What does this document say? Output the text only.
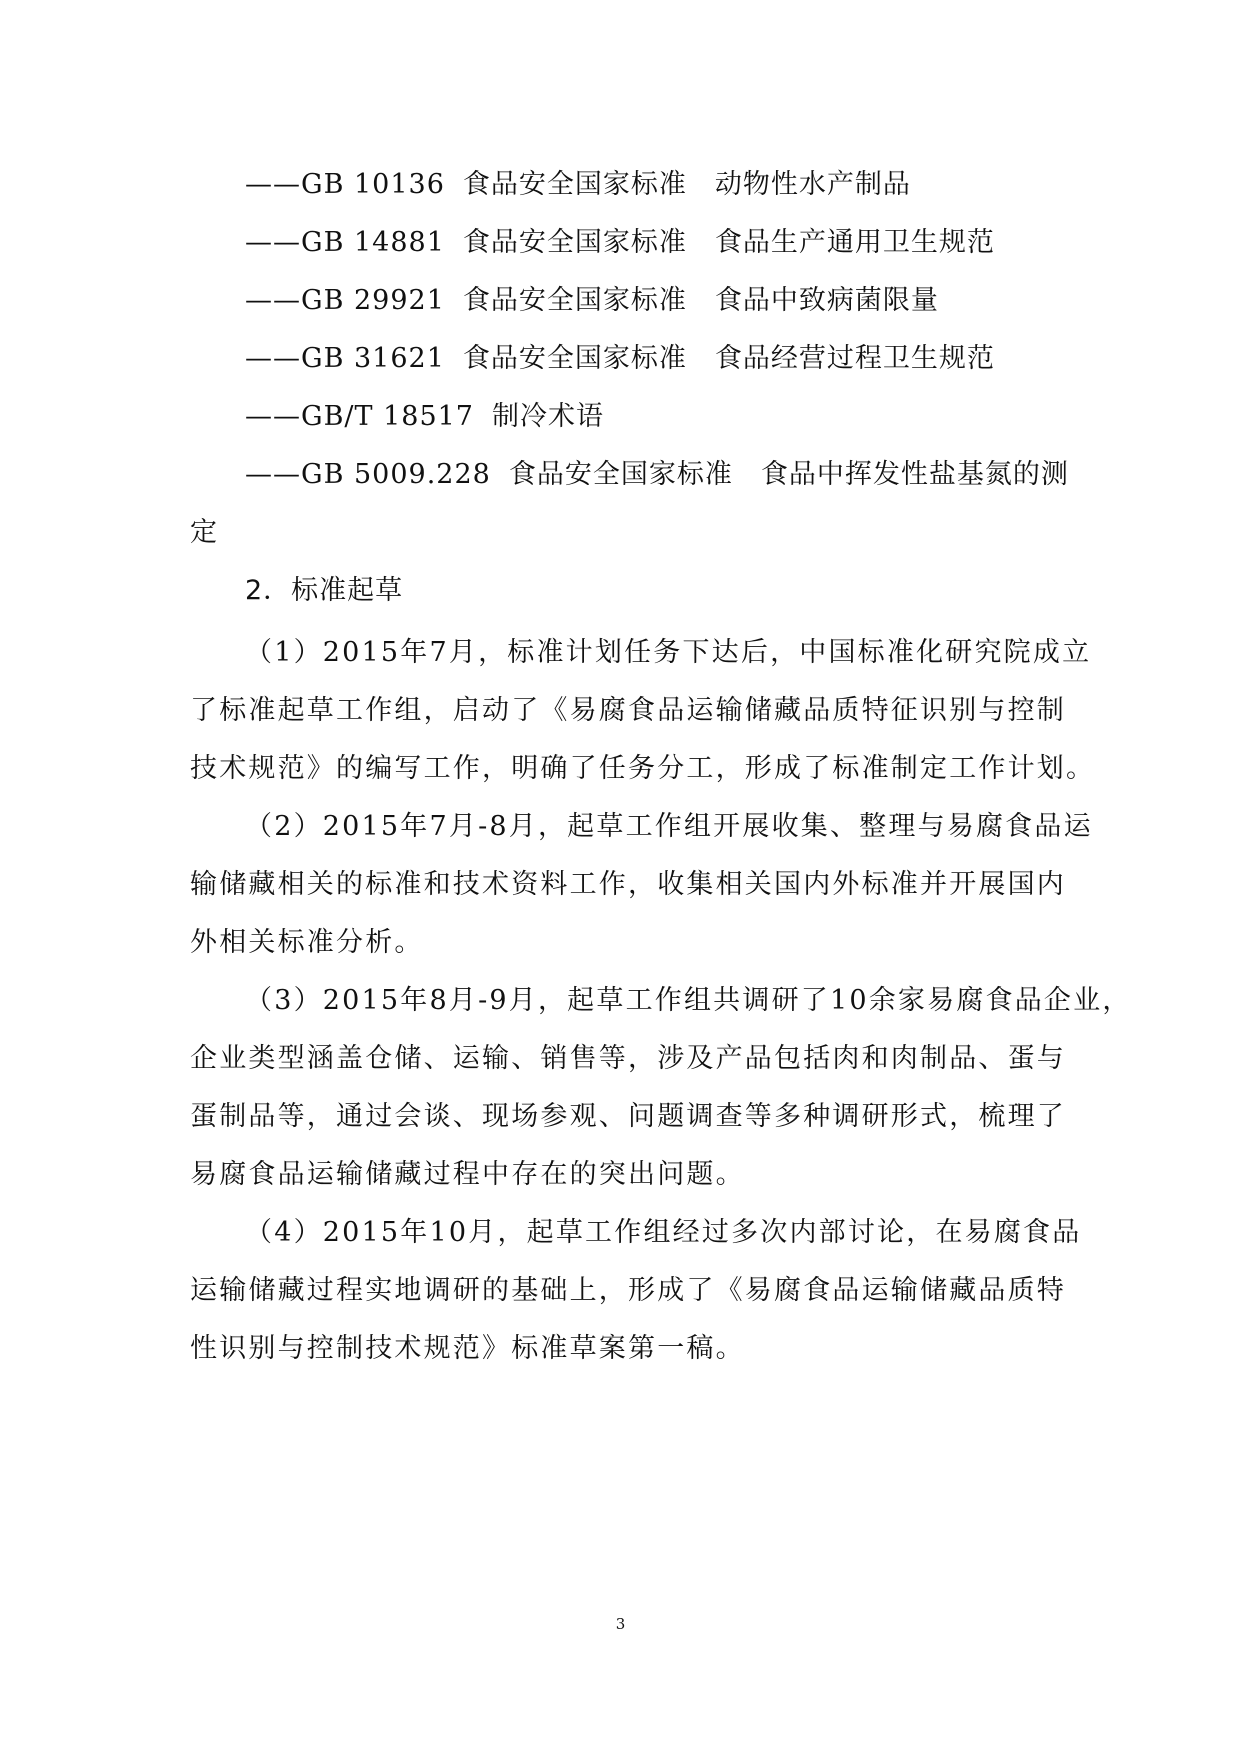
——GB 10136 食品安全国家标准 动物性水产制品
——GB 14881 食品安全国家标准 食品生产通用卫生规范
——GB 29921 食品安全国家标准 食品中致病菌限量
——GB 31621 食品安全国家标准 食品经营过程卫生规范
——GB/T 18517 制冷术语
——GB 5009.228 食品安全国家标准 食品中挥发性盐基氮的测
定
2．标准起草
（1）2015年7月，标准计划任务下达后，中国标准化研究院成立
了标准起草工作组，启动了《易腐食品运输储藏品质特征识别与控制
技术规范》的编写工作，明确了任务分工，形成了标准制定工作计划。
（2）2015年7月-8月，起草工作组开展收集、整理与易腐食品运
输储藏相关的标准和技术资料工作，收集相关国内外标准并开展国内
外相关标准分析。
（3）2015年8月-9月，起草工作组共调研了10余家易腐食品企业，
企业类型涵盖仓储、运输、销售等，涉及产品包括肉和肉制品、蛋与
蛋制品等，通过会谈、现场参观、问题调查等多种调研形式，梳理了
易腐食品运输储藏过程中存在的突出问题。
（4）2015年10月，起草工作组经过多次内部讨论，在易腐食品
运输储藏过程实地调研的基础上，形成了《易腐食品运输储藏品质特
性识别与控制技术规范》标准草案第一稿。
3
